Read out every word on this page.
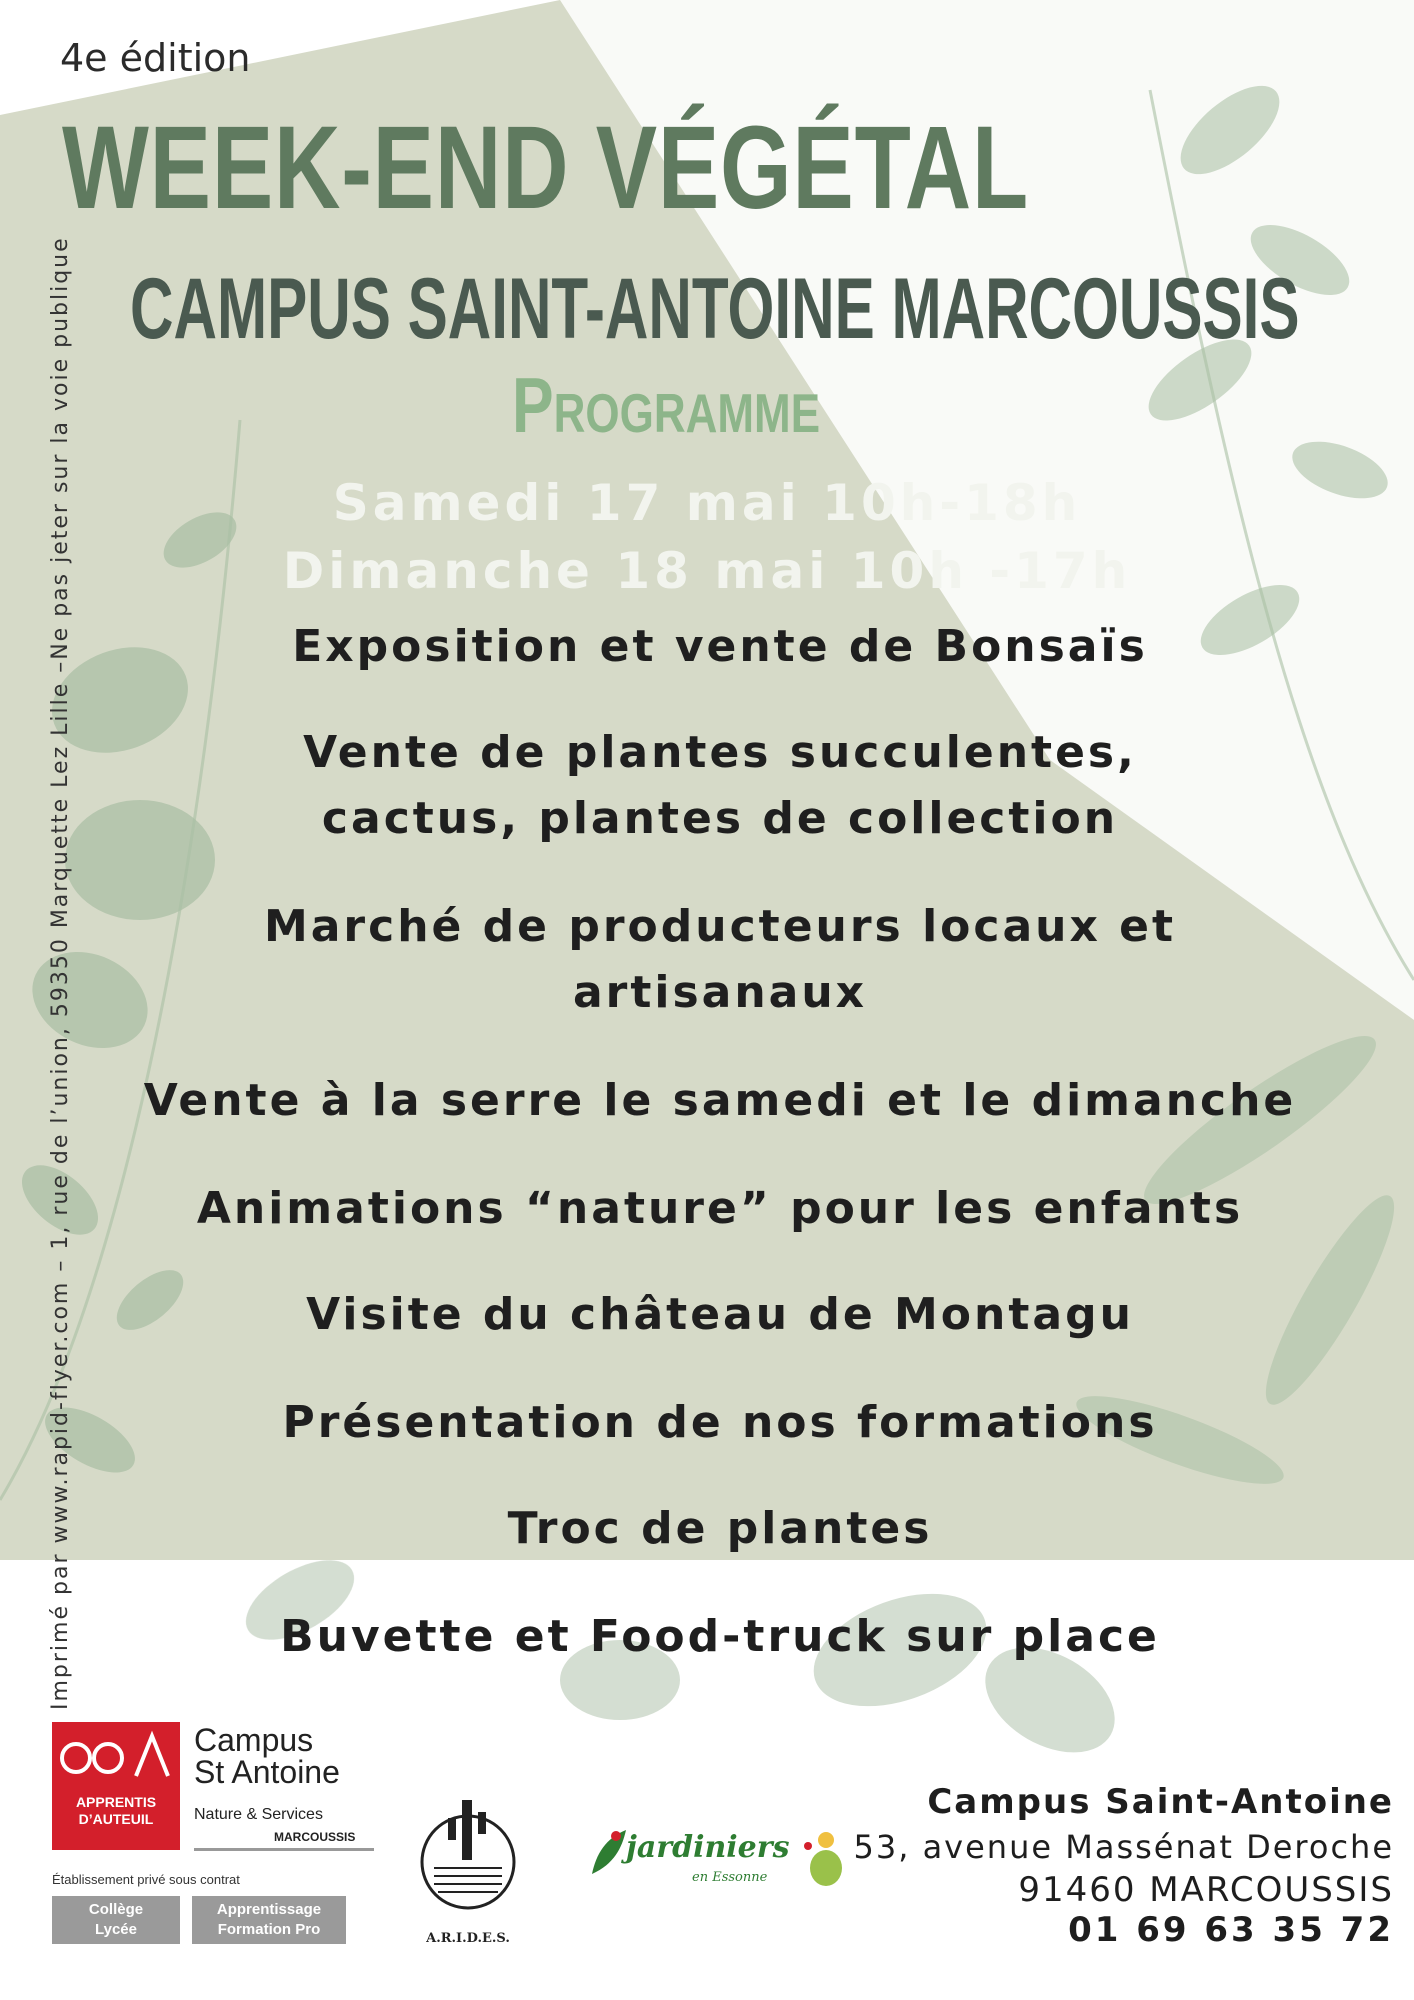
4e édition
WEEK-END VÉGÉTAL
CAMPUS SAINT-ANTOINE MARCOUSSIS
Programme
Samedi 17 mai 10h-18h
Dimanche 18 mai 10h -17h
Exposition et vente de Bonsaïs
Vente de plantes succulentes,
cactus, plantes de collection
Marché de producteurs locaux et
artisanaux
Vente à la serre le samedi et le dimanche
Animations “nature” pour les enfants
Visite du château de Montagu
Présentation de nos formations
Troc de plantes
Buvette et Food-truck sur place
Imprimé par www.rapid-flyer.com – 1, rue de l’union, 59350 Marquette Lez Lille –Ne pas jeter sur la voie publique
APPRENTIS
D’AUTEUIL
Campus
St Antoine
Nature & Services
MARCOUSSIS
Établissement privé sous contrat
Collège
Lycée
Apprentissage
Formation Pro
A.R.I.D.E.S.
jardiniers
en Essonne
Campus Saint-Antoine
53, avenue Massénat Deroche
91460 MARCOUSSIS
01 69 63 35 72
